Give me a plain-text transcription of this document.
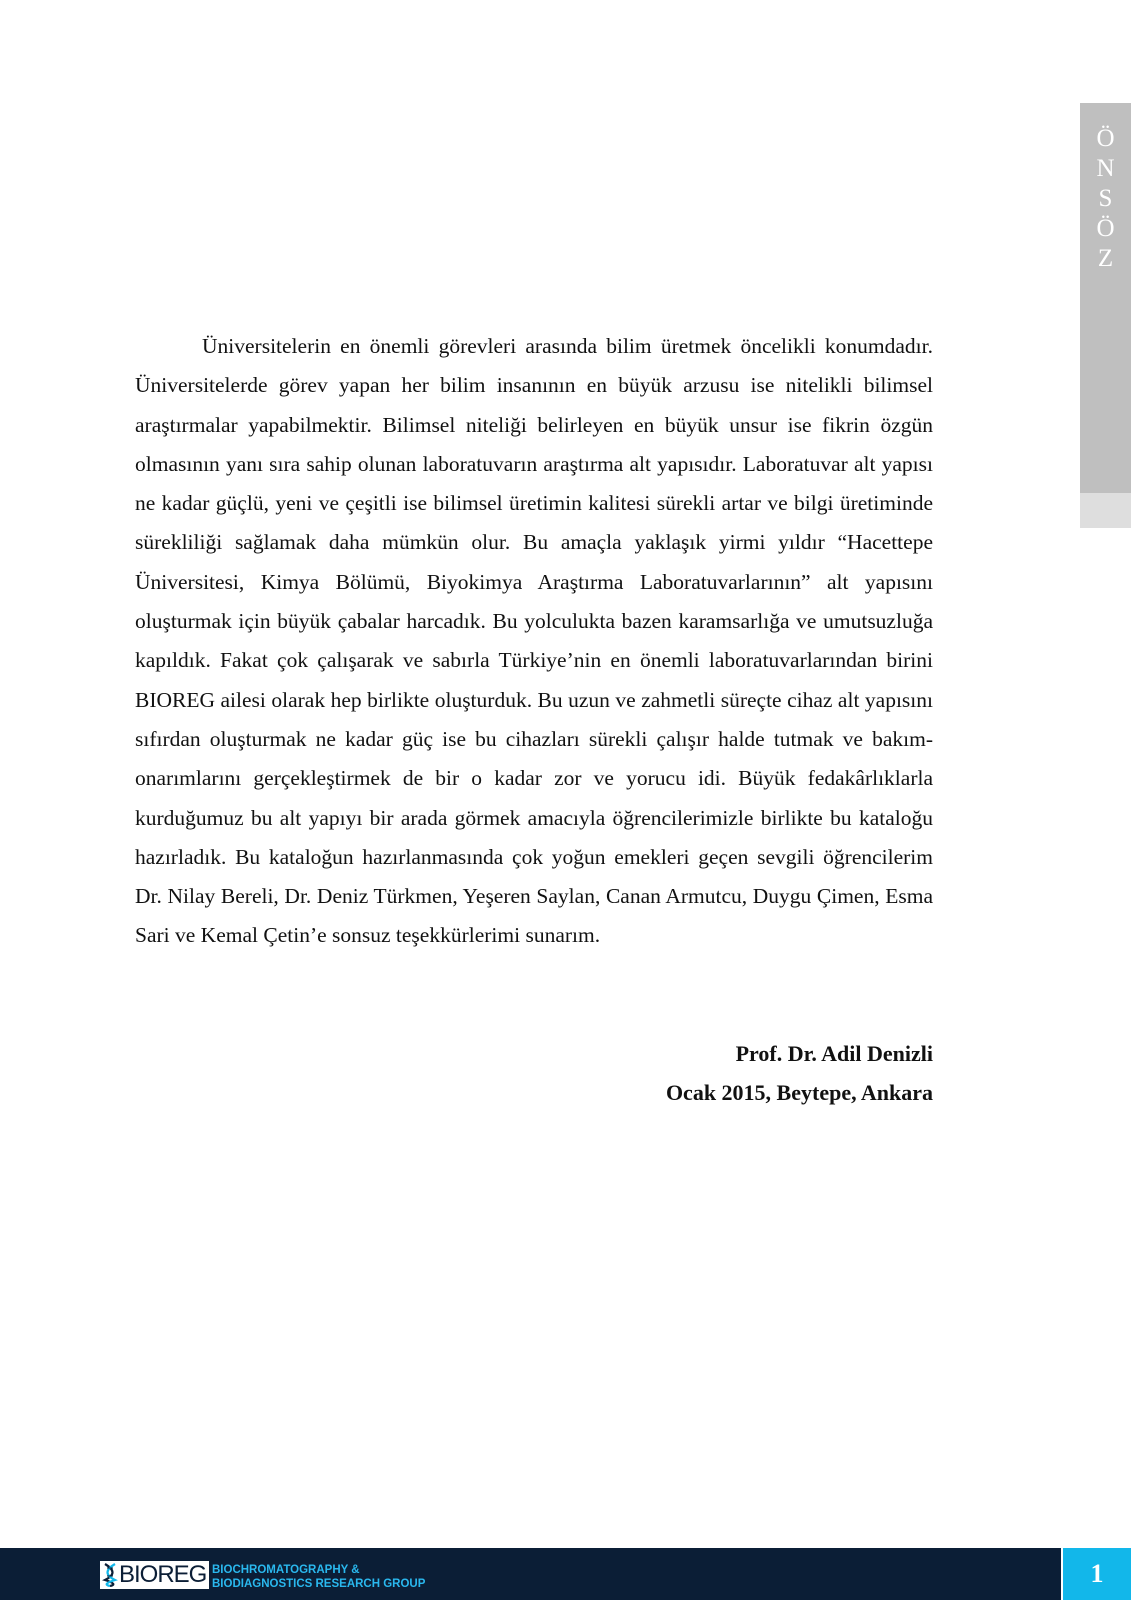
Ö
N
S
Ö
Z

Üniversitelerin en önemli görevleri arasında bilim üretmek öncelikli konumdadır. Üniversitelerde görev yapan her bilim insanının en büyük arzusu ise nitelikli bilimsel araştırmalar yapabilmektir. Bilimsel niteliği belirleyen en büyük unsur ise fikrin özgün olmasının yanı sıra sahip olunan laboratuvarın araştırma alt yapısıdır. Laboratuvar alt yapısı ne kadar güçlü, yeni ve çeşitli ise bilimsel üretimin kalitesi sürekli artar ve bilgi üretiminde sürekliliği sağlamak daha mümkün olur. Bu amaçla yaklaşık yirmi yıldır “Hacettepe Üniversitesi, Kimya Bölümü, Biyokimya Araştırma Laboratuvarlarının” alt yapısını oluşturmak için büyük çabalar harcadık. Bu yolculukta bazen karamsarlığa ve umutsuzluğa kapıldık. Fakat çok çalışarak ve sabırla Türkiye’nin en önemli laboratuvarlarından birini BIOREG ailesi olarak hep birlikte oluşturduk. Bu uzun ve zahmetli süreçte cihaz alt yapısını sıfırdan oluşturmak ne kadar güç ise bu cihazları sürekli çalışır halde tutmak ve bakım-onarımlarını gerçekleştirmek de bir o kadar zor ve yorucu idi. Büyük fedakârlıklarla kurduğumuz bu alt yapıyı bir arada görmek amacıyla öğrencilerimizle birlikte bu kataloğu hazırladık. Bu kataloğun hazırlanmasında çok yoğun emekleri geçen sevgili öğrencilerim Dr. Nilay Bereli, Dr. Deniz Türkmen, Yeşeren Saylan, Canan Armutcu, Duygu Çimen, Esma Sari ve Kemal Çetin’e sonsuz teşekkürlerimi sunarım.

Prof. Dr. Adil Denizli
Ocak 2015, Beytepe, Ankara
BIOREG BIOCHROMATOGRAPHY &
BIODIAGNOSTICS RESEARCH GROUP	1
